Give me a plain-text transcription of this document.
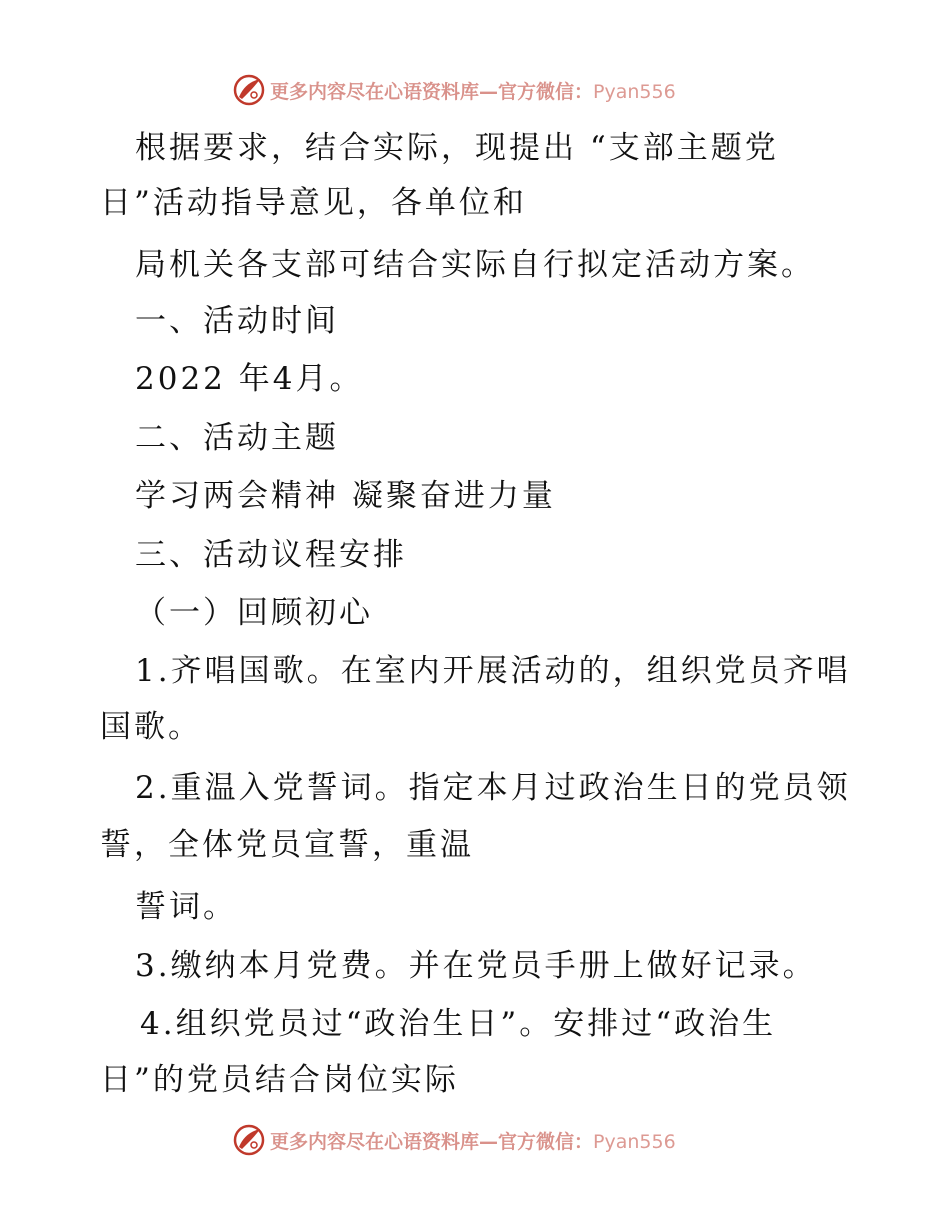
更多内容尽在心语资料库—官方微信：Pyan556

根据要求，结合实际，现提出 “支部主题党

日”活动指导意见，各单位和

局机关各支部可结合实际自行拟定活动方案。

一、活动时间

2022 年4月。

二、活动主题

学习两会精神 凝聚奋进力量

三、活动议程安排

（一）回顾初心

1.齐唱国歌。在室内开展活动的，组织党员齐唱

国歌。

2.重温入党誓词。指定本月过政治生日的党员领

誓，全体党员宣誓，重温

誓词。

3.缴纳本月党费。并在党员手册上做好记录。

4.组织党员过“政治生日”。安排过“政治生

日”的党员结合岗位实际

更多内容尽在心语资料库—官方微信：Pyan556
